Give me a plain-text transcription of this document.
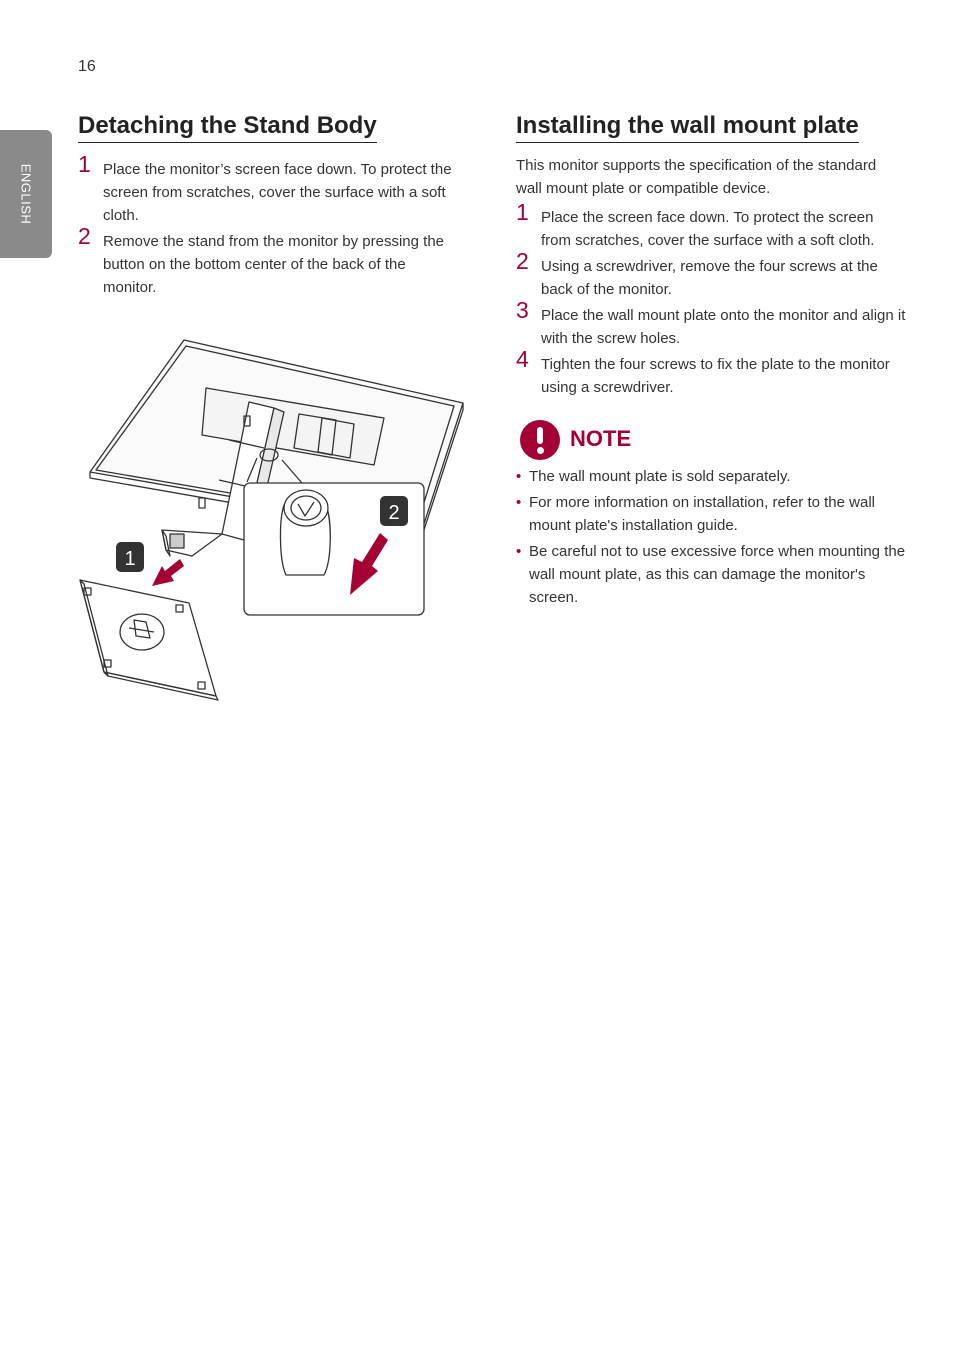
16
ENGLISH
Detaching the Stand Body
1 Place the monitor’s screen face down. To protect the screen from scratches, cover the surface with a soft cloth.
2 Remove the stand from the monitor by pressing the button on the bottom center of the back of the monitor.
1
2
Installing the wall mount plate

This monitor supports the specification of the standard wall mount plate or compatible device.

1 Place the screen face down. To protect the screen from scratches, cover the surface with a soft cloth.
2 Using a screwdriver, remove the four screws at the back of the monitor.
3 Place the wall mount plate onto the monitor and align it with the screw holes.
4 Tighten the four screws to fix the plate to the monitor using a screwdriver.
NOTE
• The wall mount plate is sold separately.
• For more information on installation, refer to the wall mount plate's installation guide.
• Be careful not to use excessive force when mounting the wall mount plate, as this can damage the monitor's screen.
